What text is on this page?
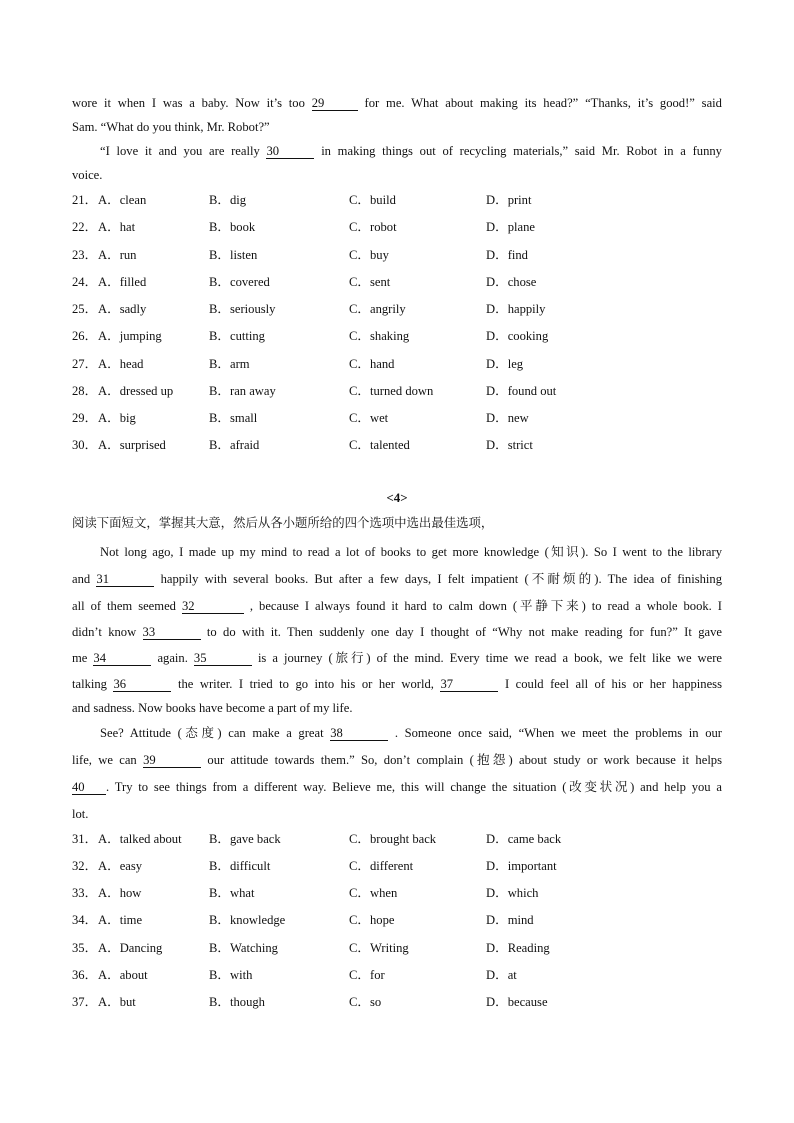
wore it when I was a baby. Now it’s too 29	for me. What about making its head?” “Thanks, it’s good!” said
Sam. “What do you think, Mr. Robot?”
“I love it and you are really 30	in making things out of recycling materials,” said Mr. Robot in a funny
voice.
21． A．clean	B．dig	C．build	D．print
22． A．hat	B．book	C．robot	D．plane
23． A．run	B．listen	C．buy	D．find
24． A．filled	B．covered	C．sent	D．chose
25． A．sadly	B．seriously	C．angrily	D．happily
26． A．jumping	B．cutting	C．shaking	D．cooking
27． A．head	B．arm	C．hand	D．leg
28． A．dressed up	B．ran away	C．turned down	D．found out
29． A．big	B．small	C．wet	D．new
30． A．surprised	B．afraid	C．talented	D．strict
<4>
阅读下面短文，掌握其大意，然后从各小题所给的四个选项中选出最佳选项，
Not long ago, I made up my mind to read a lot of books to get more knowledge (知识). So I went to the library
and 31	happily with several books. But after a few days, I felt impatient (不耐烦的). The idea of finishing
all of them seemed 32	, because I always found it hard to calm down (平静下来) to read a whole book. I
didn’t know 33	to do with it. Then suddenly one day I thought of “Why not make reading for fun?” It gave
me 34	again. 35	is a journey (旅行) of the mind. Every time we read a book, we felt like we were
talking 36	the writer. I tried to go into his or her world, 37	I could feel all of his or her happiness
and sadness. Now books have become a part of my life.
See? Attitude (态度) can make a great 38	. Someone once said, “When we meet the problems in our
life, we can 39	our attitude towards them.” So, don’t complain (抱怨) about study or work because it helps
40 . Try to see things from a different way. Believe me, this will change the situation (改变状况) and help you a
lot.
31． A．talked about B．gave back	C．brought back	D．came back
32． A．easy	B．difficult	C．different	D．important
33． A．how	B．what	C．when	D．which
34． A．time	B．knowledge	C．hope	D．mind
35． A．Dancing	B．Watching	C．Writing	D．Reading
36． A．about	B．with	C．for	D．at
37． A．but	B．though	C．so	D．because
